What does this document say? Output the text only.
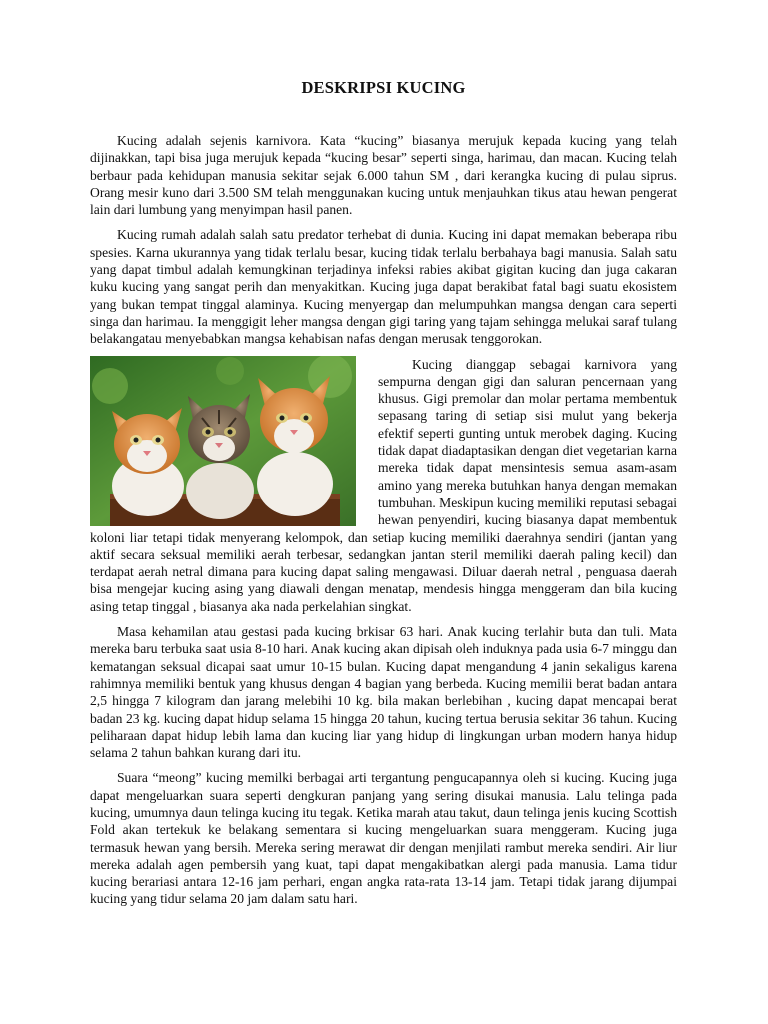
DESKRIPSI KUCING

Kucing adalah sejenis karnivora. Kata “kucing” biasanya merujuk kepada kucing yang telah dijinakkan, tapi bisa juga merujuk kepada “kucing besar” seperti singa, harimau, dan macan. Kucing telah berbaur pada kehidupan manusia sekitar sejak 6.000 tahun SM , dari kerangka kucing di pulau siprus. Orang mesir kuno dari 3.500 SM telah menggunakan kucing untuk menjauhkan tikus atau hewan pengerat lain dari lumbung yang menyimpan hasil panen.

Kucing rumah adalah salah satu predator terhebat di dunia. Kucing ini dapat memakan beberapa ribu spesies. Karna ukurannya yang tidak terlalu besar, kucing tidak terlalu berbahaya bagi manusia. Salah satu yang dapat timbul adalah kemungkinan terjadinya infeksi rabies akibat gigitan kucing dan juga cakaran kuku kucing yang sangat perih dan menyakitkan. Kucing juga dapat berakibat fatal bagi suatu ekosistem yang bukan tempat tinggal alaminya. Kucing menyergap dan melumpuhkan mangsa dengan cara seperti singa dan harimau. Ia menggigit leher mangsa dengan gigi taring yang tajam sehingga melukai saraf tulang belakangatau menyebabkan mangsa kehabisan nafas dengan merusak tenggorokan.

Kucing dianggap sebagai karnivora yang sempurna dengan gigi dan saluran pencernaan yang khusus. Gigi premolar dan molar pertama membentuk sepasang taring di setiap sisi mulut yang bekerja efektif seperti gunting untuk merobek daging. Kucing tidak dapat diadaptasikan dengan diet vegetarian karna mereka tidak dapat mensintesis semua asam-asam amino yang mereka butuhkan hanya dengan memakan tumbuhan. Meskipun kucing memiliki reputasi sebagai hewan penyendiri, kucing biasanya dapat membentuk koloni liar tetapi tidak menyerang kelompok, dan setiap kucing memiliki daerahnya sendiri (jantan yang aktif secara seksual memiliki aerah terbesar, sedangkan jantan steril memiliki daerah paling kecil) dan terdapat aerah netral dimana para kucing dapat saling mengawasi. Diluar daerah netral , penguasa daerah bisa mengejar kucing asing yang diawali dengan menatap, mendesis hingga menggeram dan bila kucing asing tetap tinggal , biasanya aka nada perkelahian singkat.

Masa kehamilan atau gestasi pada kucing brkisar 63 hari. Anak kucing terlahir buta dan tuli. Mata mereka baru terbuka saat usia 8-10 hari. Anak kucing akan dipisah oleh induknya pada usia 6-7 minggu dan kematangan seksual dicapai saat umur 10-15 bulan. Kucing dapat mengandung 4 janin sekaligus karena rahimnya memiliki bentuk yang khusus dengan 4 bagian yang berbeda. Kucing memilii berat badan antara 2,5 hingga 7 kilogram dan jarang melebihi 10 kg. bila makan berlebihan , kucing dapat mencapai berat badan 23 kg. kucing dapat hidup selama 15 hingga 20 tahun, kucing tertua berusia sekitar 36 tahun. Kucing peliharaan dapat hidup lebih lama dan kucing liar yang hidup di lingkungan urban modern hanya hidup selama 2 tahun bahkan kurang dari itu.

Suara “meong” kucing memilki berbagai arti tergantung pengucapannya oleh si kucing. Kucing juga dapat mengeluarkan suara seperti dengkuran panjang yang sering disukai manusia. Lalu telinga pada kucing, umumnya daun telinga kucing itu tegak. Ketika marah atau takut, daun telinga jenis kucing Scottish Fold akan tertekuk ke belakang sementara si kucing mengeluarkan suara menggeram. Kucing juga termasuk hewan yang bersih. Mereka sering merawat dir dengan menjilati rambut mereka sendiri. Air liur mereka adalah agen pembersih yang kuat, tapi dapat mengakibatkan alergi pada manusia. Lama tidur kucing berariasi antara 12-16 jam perhari, engan angka rata-rata 13-14 jam. Tetapi tidak jarang dijumpai kucing yang tidur selama 20 jam dalam satu hari.
